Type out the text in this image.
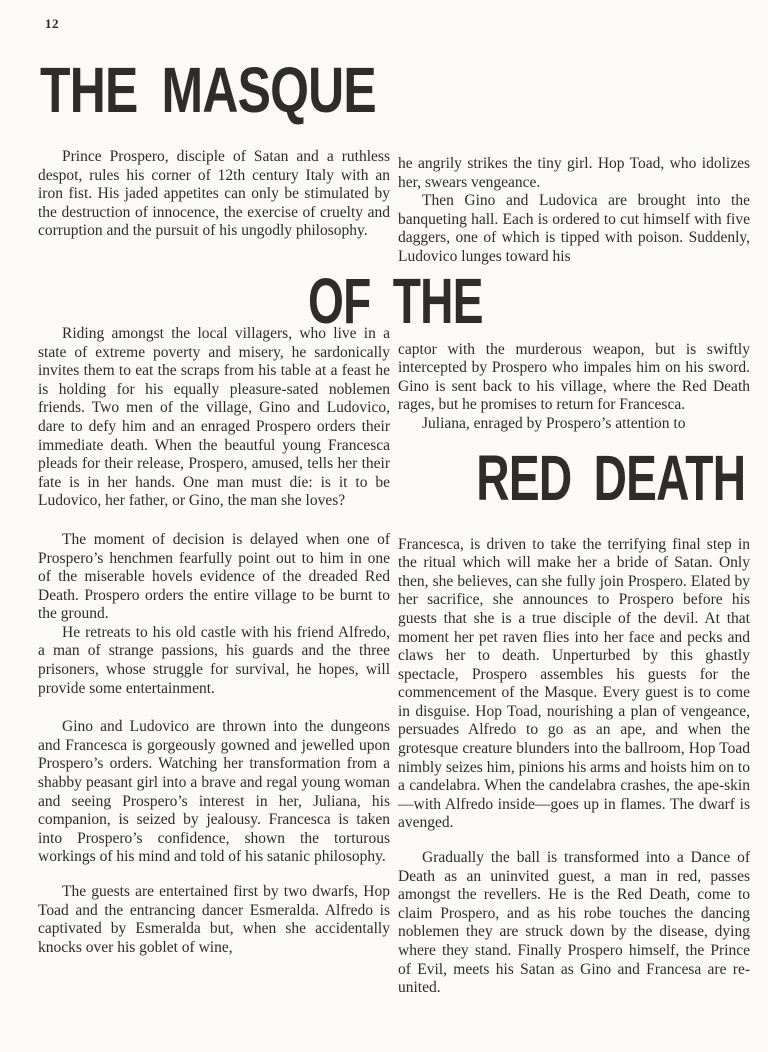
12
THE MASQUE
OF THE

Prince Prospero, disciple of Satan and a ruthless despot, rules his corner of 12th century Italy with an iron fist. His jaded appetites can only be stimulated by the destruction of innocence, the exercise of cruelty and corruption and the pursuit of his ungodly philosophy.

Riding amongst the local villagers, who live in a state of extreme poverty and misery, he sardonically invites them to eat the scraps from his table at a feast he is holding for his equally pleasure-sated noblemen friends. Two men of the village, Gino and Ludovico, dare to defy him and an enraged Prospero orders their immediate death. When the beautful young Francesca pleads for their release, Prospero, amused, tells her their fate is in her hands. One man must die: is it to be Ludovico, her father, or Gino, the man she loves?

The moment of decision is delayed when one of Prospero’s henchmen fearfully point out to him in one of the miserable hovels evidence of the dreaded Red Death. Prospero orders the entire village to be burnt to the ground.

He retreats to his old castle with his friend Alfredo, a man of strange passions, his guards and the three prisoners, whose struggle for survival, he hopes, will provide some entertainment.

Gino and Ludovico are thrown into the dungeons and Francesca is gorgeously gowned and jewelled upon Prospero’s orders. Watching her transformation from a shabby peasant girl into a brave and regal young woman and seeing Prospero’s interest in her, Juliana, his companion, is seized by jealousy. Francesca is taken into Prospero’s confidence, shown the torturous workings of his mind and told of his satanic philosophy.

The guests are entertained first by two dwarfs, Hop Toad and the entrancing dancer Esmeralda. Alfredo is captivated by Esmeralda but, when she accidentally knocks over his goblet of wine,

he angrily strikes the tiny girl. Hop Toad, who idolizes her, swears vengeance.

Then Gino and Ludovica are brought into the banqueting hall. Each is ordered to cut himself with five daggers, one of which is tipped with poison. Suddenly, Ludovico lunges toward his

captor with the murderous weapon, but is swiftly intercepted by Prospero who impales him on his sword. Gino is sent back to his village, where the Red Death rages, but he promises to return for Francesca.

Juliana, enraged by Prospero’s attention to

RED DEATH

Francesca, is driven to take the terrifying final step in the ritual which will make her a bride of Satan. Only then, she believes, can she fully join Prospero. Elated by her sacrifice, she announces to Prospero before his guests that she is a true disciple of the devil. At that moment her pet raven flies into her face and pecks and claws her to death. Unperturbed by this ghastly spectacle, Prospero assembles his guests for the commencement of the Masque. Every guest is to come in disguise. Hop Toad, nourishing a plan of vengeance, persuades Alfredo to go as an ape, and when the grotesque creature blunders into the ballroom, Hop Toad nimbly seizes him, pinions his arms and hoists him on to a candelabra. When the candelabra crashes, the ape-skin—with Alfredo inside—goes up in flames. The dwarf is avenged.

Gradually the ball is transformed into a Dance of Death as an uninvited guest, a man in red, passes amongst the revellers. He is the Red Death, come to claim Prospero, and as his robe touches the dancing noblemen they are struck down by the disease, dying where they stand. Finally Prospero himself, the Prince of Evil, meets his Satan as Gino and Francesa are re-united.
